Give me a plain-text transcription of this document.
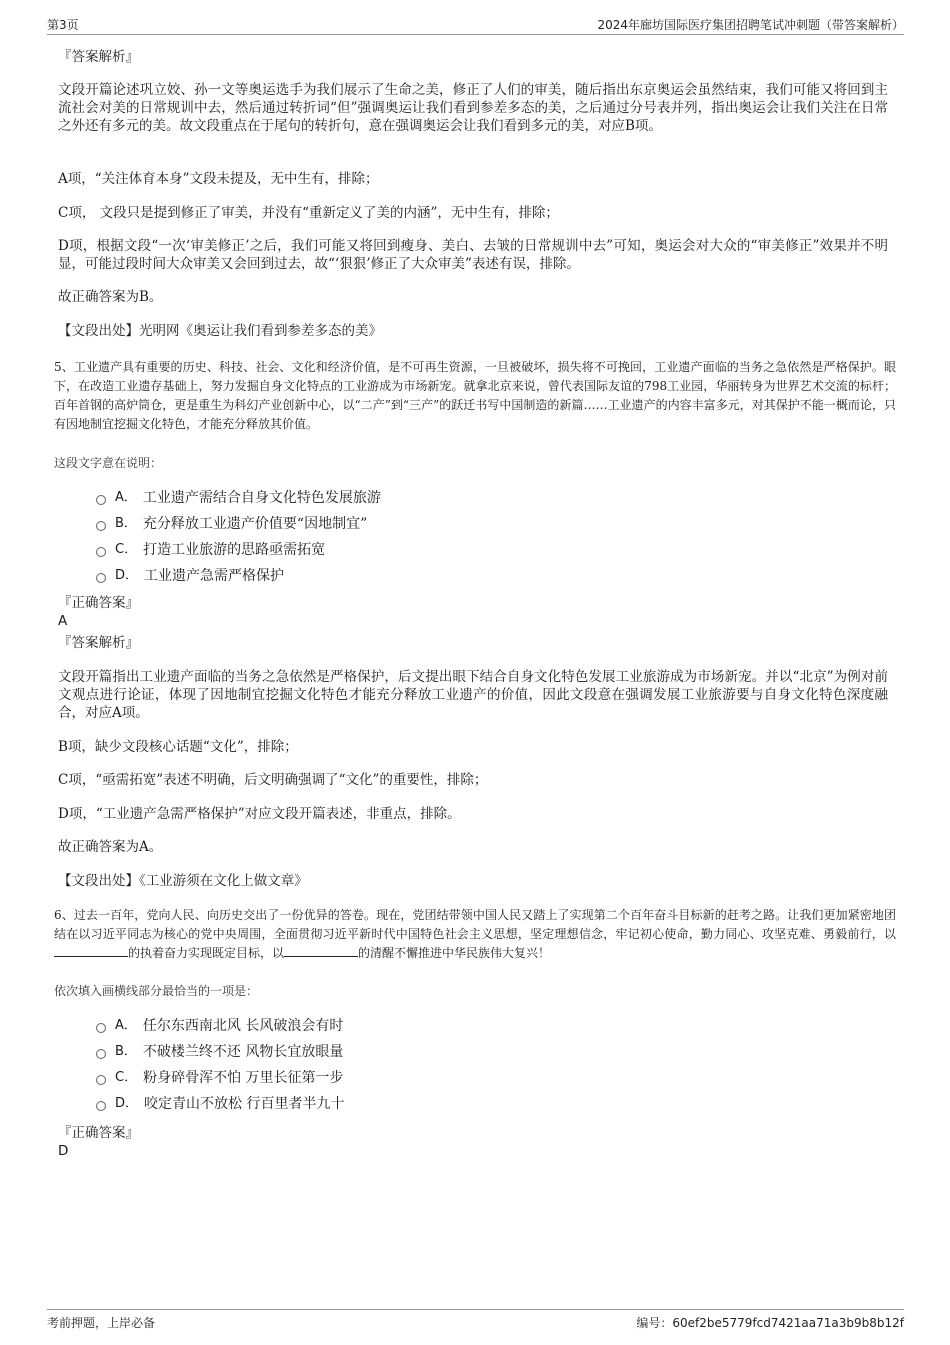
第3页	2024年廊坊国际医疗集团招聘笔试冲刺题（带答案解析）
『答案解析』
文段开篇论述巩立姣、孙一文等奥运选手为我们展示了生命之美，修正了人们的审美，随后指出东京奥运会虽然结束，我们可能又将回到主流社会对美的日常规训中去，然后通过转折词“但”强调奥运让我们看到参差多态的美，之后通过分号表并列，指出奥运会让我们关注在日常之外还有多元的美。故文段重点在于尾句的转折句，意在强调奥运会让我们看到多元的美，对应B项。
A项，“关注体育本身”文段未提及，无中生有，排除；
C项， 文段只是提到修正了审美，并没有“重新定义了美的内涵”，无中生有，排除；
D项，根据文段“一次‘审美修正’之后，我们可能又将回到瘦身、美白、去皱的日常规训中去”可知，奥运会对大众的“审美修正”效果并不明显，可能过段时间大众审美又会回到过去，故“‘狠狠’修正了大众审美”表述有误，排除。
故正确答案为B。
【文段出处】光明网《奥运让我们看到参差多态的美》
5、工业遗产具有重要的历史、科技、社会、文化和经济价值，是不可再生资源，一旦被破坏，损失将不可挽回，工业遗产面临的当务之急依然是严格保护。眼下，在改造工业遗存基础上，努力发掘自身文化特点的工业游成为市场新宠。就拿北京来说，曾代表国际友谊的798工业园，华丽转身为世界艺术交流的标杆；百年首钢的高炉筒仓，更是重生为科幻产业创新中心，以“二产”到“三产”的跃迁书写中国制造的新篇……工业遗产的内容丰富多元，对其保护不能一概而论，只有因地制宜挖掘文化特色，才能充分释放其价值。
这段文字意在说明：
A． 工业遗产需结合自身文化特色发展旅游
B． 充分释放工业遗产价值要“因地制宜”
C． 打造工业旅游的思路亟需拓宽
D． 工业遗产急需严格保护
『正确答案』
A
『答案解析』
文段开篇指出工业遗产面临的当务之急依然是严格保护，后文提出眼下结合自身文化特色发展工业旅游成为市场新宠。并以“北京”为例对前文观点进行论证，体现了因地制宜挖掘文化特色才能充分释放工业遗产的价值，因此文段意在强调发展工业旅游要与自身文化特色深度融合，对应A项。
B项，缺少文段核心话题“文化”，排除；
C项，“亟需拓宽”表述不明确，后文明确强调了“文化”的重要性，排除；
D项，“工业遗产急需严格保护”对应文段开篇表述，非重点，排除。
故正确答案为A。
【文段出处】《工业游须在文化上做文章》
6、过去一百年，党向人民、向历史交出了一份优异的答卷。现在，党团结带领中国人民又踏上了实现第二个百年奋斗目标新的赶考之路。让我们更加紧密地团结在以习近平同志为核心的党中央周围，全面贯彻习近平新时代中国特色社会主义思想，坚定理想信念，牢记初心使命，勤力同心、攻坚克难、勇毅前行，以的执着奋力实现既定目标，以	的清醒不懈推进中华民族伟大复兴！
依次填入画横线部分最恰当的一项是：
A． 任尔东西南北风 长风破浪会有时
B． 不破楼兰终不还 风物长宜放眼量
C． 粉身碎骨浑不怕 万里长征第一步
D． 咬定青山不放松 行百里者半九十
『正确答案』
D
考前押题，上岸必备	编号：60ef2be5779fcd7421aa71a3b9b8b12f
